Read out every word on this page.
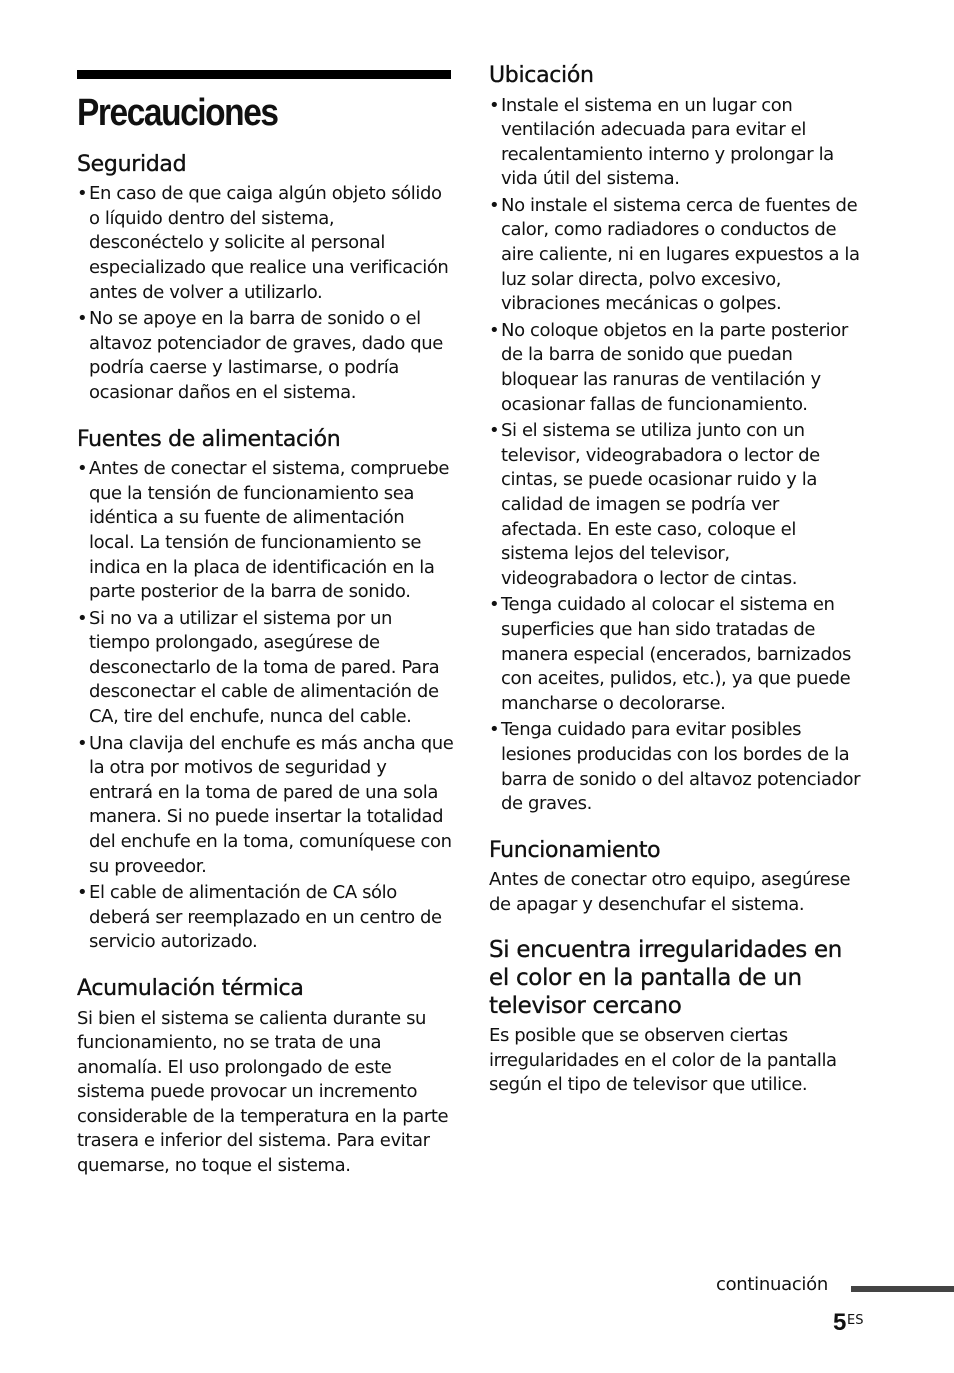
Precauciones
Seguridad
• En caso de que caiga algún objeto sólido o líquido dentro del sistema, desconéctelo y solicite al personal especializado que realice una verificación antes de volver a utilizarlo.
• No se apoye en la barra de sonido o el altavoz potenciador de graves, dado que podría caerse y lastimarse, o podría ocasionar daños en el sistema.
Fuentes de alimentación
• Antes de conectar el sistema, compruebe que la tensión de funcionamiento sea idéntica a su fuente de alimentación local. La tensión de funcionamiento se indica en la placa de identificación en la parte posterior de la barra de sonido.
• Si no va a utilizar el sistema por un tiempo prolongado, asegúrese de desconectarlo de la toma de pared. Para desconectar el cable de alimentación de CA, tire del enchufe, nunca del cable.
• Una clavija del enchufe es más ancha que la otra por motivos de seguridad y entrará en la toma de pared de una sola manera. Si no puede insertar la totalidad del enchufe en la toma, comuníquese con su proveedor.
• El cable de alimentación de CA sólo deberá ser reemplazado en un centro de servicio autorizado.
Acumulación térmica

Si bien el sistema se calienta durante su funcionamiento, no se trata de una anomalía. El uso prolongado de este sistema puede provocar un incremento considerable de la temperatura en la parte trasera e inferior del sistema. Para evitar quemarse, no toque el sistema.

Ubicación
• Instale el sistema en un lugar con ventilación adecuada para evitar el recalentamiento interno y prolongar la vida útil del sistema.
• No instale el sistema cerca de fuentes de calor, como radiadores o conductos de aire caliente, ni en lugares expuestos a la luz solar directa, polvo excesivo, vibraciones mecánicas o golpes.
• No coloque objetos en la parte posterior de la barra de sonido que puedan bloquear las ranuras de ventilación y ocasionar fallas de funcionamiento.
• Si el sistema se utiliza junto con un televisor, videograbadora o lector de cintas, se puede ocasionar ruido y la calidad de imagen se podría ver afectada. En este caso, coloque el sistema lejos del televisor, videograbadora o lector de cintas.
• Tenga cuidado al colocar el sistema en superficies que han sido tratadas de manera especial (encerados, barnizados con aceites, pulidos, etc.), ya que puede mancharse o decolorarse.
• Tenga cuidado para evitar posibles lesiones producidas con los bordes de la barra de sonido o del altavoz potenciador de graves.
Funcionamiento

Antes de conectar otro equipo, asegúrese de apagar y desenchufar el sistema.

Si encuentra irregularidades en el color en la pantalla de un televisor cercano

Es posible que se observen ciertas irregularidades en el color de la pantalla según el tipo de televisor que utilice.

continuación
5 ES
